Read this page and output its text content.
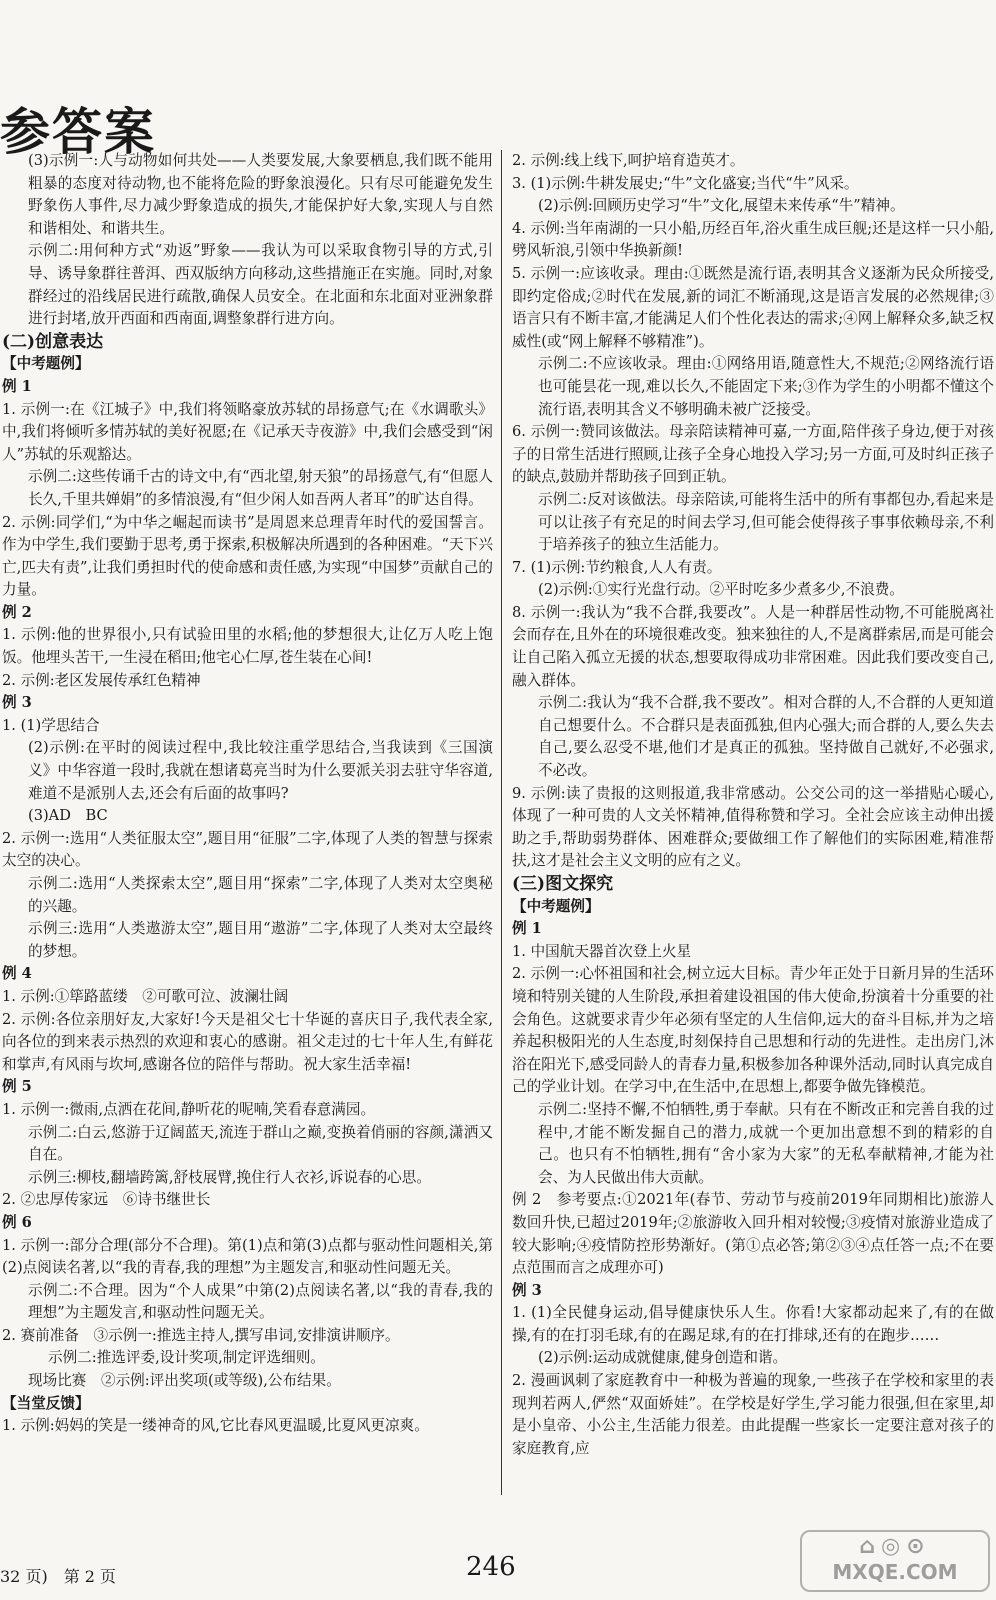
参答案

(3)示例一:人与动物如何共处——人类要发展,大象要栖息,我们既不能用粗暴的态度对待动物,也不能将危险的野象浪漫化。只有尽可能避免发生野象伤人事件,尽力减少野象造成的损失,才能保护好大象,实现人与自然和谐相处、和谐共生。

示例二:用何种方式“劝返”野象——我认为可以采取食物引导的方式,引导、诱导象群往普洱、西双版纳方向移动,这些措施正在实施。同时,对象群经过的沿线居民进行疏散,确保人员安全。在北面和东北面对亚洲象群进行封堵,放开西面和西南面,调整象群行进方向。

(二)创意表达

【中考题例】

例 1

1. 示例一:在《江城子》中,我们将领略豪放苏轼的昂扬意气;在《水调歌头》中,我们将倾听多情苏轼的美好祝愿;在《记承天寺夜游》中,我们会感受到“闲人”苏轼的乐观豁达。

示例二:这些传诵千古的诗文中,有“西北望,射天狼”的昂扬意气,有“但愿人长久,千里共婵娟”的多情浪漫,有“但少闲人如吾两人者耳”的旷达自得。

2. 示例:同学们,“为中华之崛起而读书”是周恩来总理青年时代的爱国誓言。作为中学生,我们要勤于思考,勇于探索,积极解决所遇到的各种困难。“天下兴亡,匹夫有责”,让我们勇担时代的使命感和责任感,为实现“中国梦”贡献自己的力量。

例 2

1. 示例:他的世界很小,只有试验田里的水稻;他的梦想很大,让亿万人吃上饱饭。他埋头苦干,一生浸在稻田;他宅心仁厚,苍生装在心间!

2. 示例:老区发展传承红色精神

例 3

1. (1)学思结合

(2)示例:在平时的阅读过程中,我比较注重学思结合,当我读到《三国演义》中华容道一段时,我就在想诸葛亮当时为什么要派关羽去驻守华容道,难道不是派别人去,还会有后面的故事吗?

(3)AD　BC

2. 示例一:选用“人类征服太空”,题目用“征服”二字,体现了人类的智慧与探索太空的决心。

示例二:选用“人类探索太空”,题目用“探索”二字,体现了人类对太空奥秘的兴趣。

示例三:选用“人类遨游太空”,题目用“遨游”二字,体现了人类对太空最终的梦想。

例 4

1. 示例:①筚路蓝缕　②可歌可泣、波澜壮阔

2. 示例:各位亲朋好友,大家好!今天是祖父七十华诞的喜庆日子,我代表全家,向各位的到来表示热烈的欢迎和衷心的感谢。祖父走过的七十年人生,有鲜花和掌声,有风雨与坎坷,感谢各位的陪伴与帮助。祝大家生活幸福!

例 5

1. 示例一:微雨,点洒在花间,静听花的呢喃,笑看春意满园。

示例二:白云,悠游于辽阔蓝天,流连于群山之巅,变换着俏丽的容颜,潇洒又自在。

示例三:柳枝,翻墙跨篱,舒枝展臂,挽住行人衣衫,诉说春的心思。

2. ②忠厚传家远　⑥诗书继世长

例 6

1. 示例一:部分合理(部分不合理)。第(1)点和第(3)点都与驱动性问题相关,第(2)点阅读名著,以“我的青春,我的理想”为主题发言,和驱动性问题无关。

示例二:不合理。因为“个人成果”中第(2)点阅读名著,以“我的青春,我的理想”为主题发言,和驱动性问题无关。

2. 赛前准备　③示例一:推选主持人,撰写串词,安排演讲顺序。

示例二:推选评委,设计奖项,制定评选细则。

现场比赛　②示例:评出奖项(或等级),公布结果。

【当堂反馈】

1. 示例:妈妈的笑是一缕神奇的风,它比春风更温暖,比夏风更凉爽。

2. 示例:线上线下,呵护培育造英才。

3. (1)示例:牛耕发展史;“牛”文化盛宴;当代“牛”风采。

(2)示例:回顾历史学习“牛”文化,展望未来传承“牛”精神。

4. 示例:当年南湖的一只小船,历经百年,浴火重生成巨舰;还是这样一只小船,劈风斩浪,引领中华换新颜!

5. 示例一:应该收录。理由:①既然是流行语,表明其含义逐渐为民众所接受,即约定俗成;②时代在发展,新的词汇不断涌现,这是语言发展的必然规律;③语言只有不断丰富,才能满足人们个性化表达的需求;④网上解释众多,缺乏权威性(或“网上解释不够精准”)。

示例二:不应该收录。理由:①网络用语,随意性大,不规范;②网络流行语也可能昙花一现,难以长久,不能固定下来;③作为学生的小明都不懂这个流行语,表明其含义不够明确未被广泛接受。

6. 示例一:赞同该做法。母亲陪读精神可嘉,一方面,陪伴孩子身边,便于对孩子的日常生活进行照顾,让孩子全身心地投入学习;另一方面,可及时纠正孩子的缺点,鼓励并帮助孩子回到正轨。

示例二:反对该做法。母亲陪读,可能将生活中的所有事都包办,看起来是可以让孩子有充足的时间去学习,但可能会使得孩子事事依赖母亲,不利于培养孩子的独立生活能力。

7. (1)示例:节约粮食,人人有责。

(2)示例:①实行光盘行动。②平时吃多少煮多少,不浪费。

8. 示例一:我认为“我不合群,我要改”。人是一种群居性动物,不可能脱离社会而存在,且外在的环境很难改变。独来独往的人,不是离群索居,而是可能会让自己陷入孤立无援的状态,想要取得成功非常困难。因此我们要改变自己,融入群体。

示例二:我认为“我不合群,我不要改”。相对合群的人,不合群的人更知道自己想要什么。不合群只是表面孤独,但内心强大;而合群的人,要么失去自己,要么忍受不堪,他们才是真正的孤独。坚持做自己就好,不必强求,不必改。

9. 示例:读了贵报的这则报道,我非常感动。公交公司的这一举措贴心暖心,体现了一种可贵的人文关怀精神,值得称赞和学习。全社会应该主动伸出援助之手,帮助弱势群体、困难群众;要做细工作了解他们的实际困难,精准帮扶,这才是社会主义文明的应有之义。

(三)图文探究

【中考题例】

例 1

1. 中国航天器首次登上火星

2. 示例一:心怀祖国和社会,树立远大目标。青少年正处于日新月异的生活环境和特别关键的人生阶段,承担着建设祖国的伟大使命,扮演着十分重要的社会角色。这就要求青少年必须有坚定的人生信仰,远大的奋斗目标,并为之培养起积极阳光的人生态度,时刻保持自己思想和行动的先进性。走出房门,沐浴在阳光下,感受同龄人的青春力量,积极参加各种课外活动,同时认真完成自己的学业计划。在学习中,在生活中,在思想上,都要争做先锋模范。

示例二:坚持不懈,不怕牺牲,勇于奉献。只有在不断改正和完善自我的过程中,才能不断发掘自己的潜力,成就一个更加出意想不到的精彩的自己。也只有不怕牺牲,拥有“舍小家为大家”的无私奉献精神,才能为社会、为人民做出伟大贡献。

例 2　参考要点:①2021年(春节、劳动节与疫前2019年同期相比)旅游人数回升快,已超过2019年;②旅游收入回升相对较慢;③疫情对旅游业造成了较大影响;④疫情防控形势渐好。(第①点必答;第②③④点任答一点;不在要点范围而言之成理亦可)

例 3

1. (1)全民健身运动,倡导健康快乐人生。你看!大家都动起来了,有的在做操,有的在打羽毛球,有的在踢足球,有的在打排球,还有的在跑步……

(2)示例:运动成就健康,健身创造和谐。

2. 漫画讽刺了家庭教育中一种极为普遍的现象,一些孩子在学校和家里的表现判若两人,俨然“双面娇娃”。在学校是好学生,学习能力很强,但在家里,却是小皇帝、小公主,生活能力很差。由此提醒一些家长一定要注意对孩子的家庭教育,应

32 页)　第 2 页	246
⌂◎⊙
MXQE.COM
